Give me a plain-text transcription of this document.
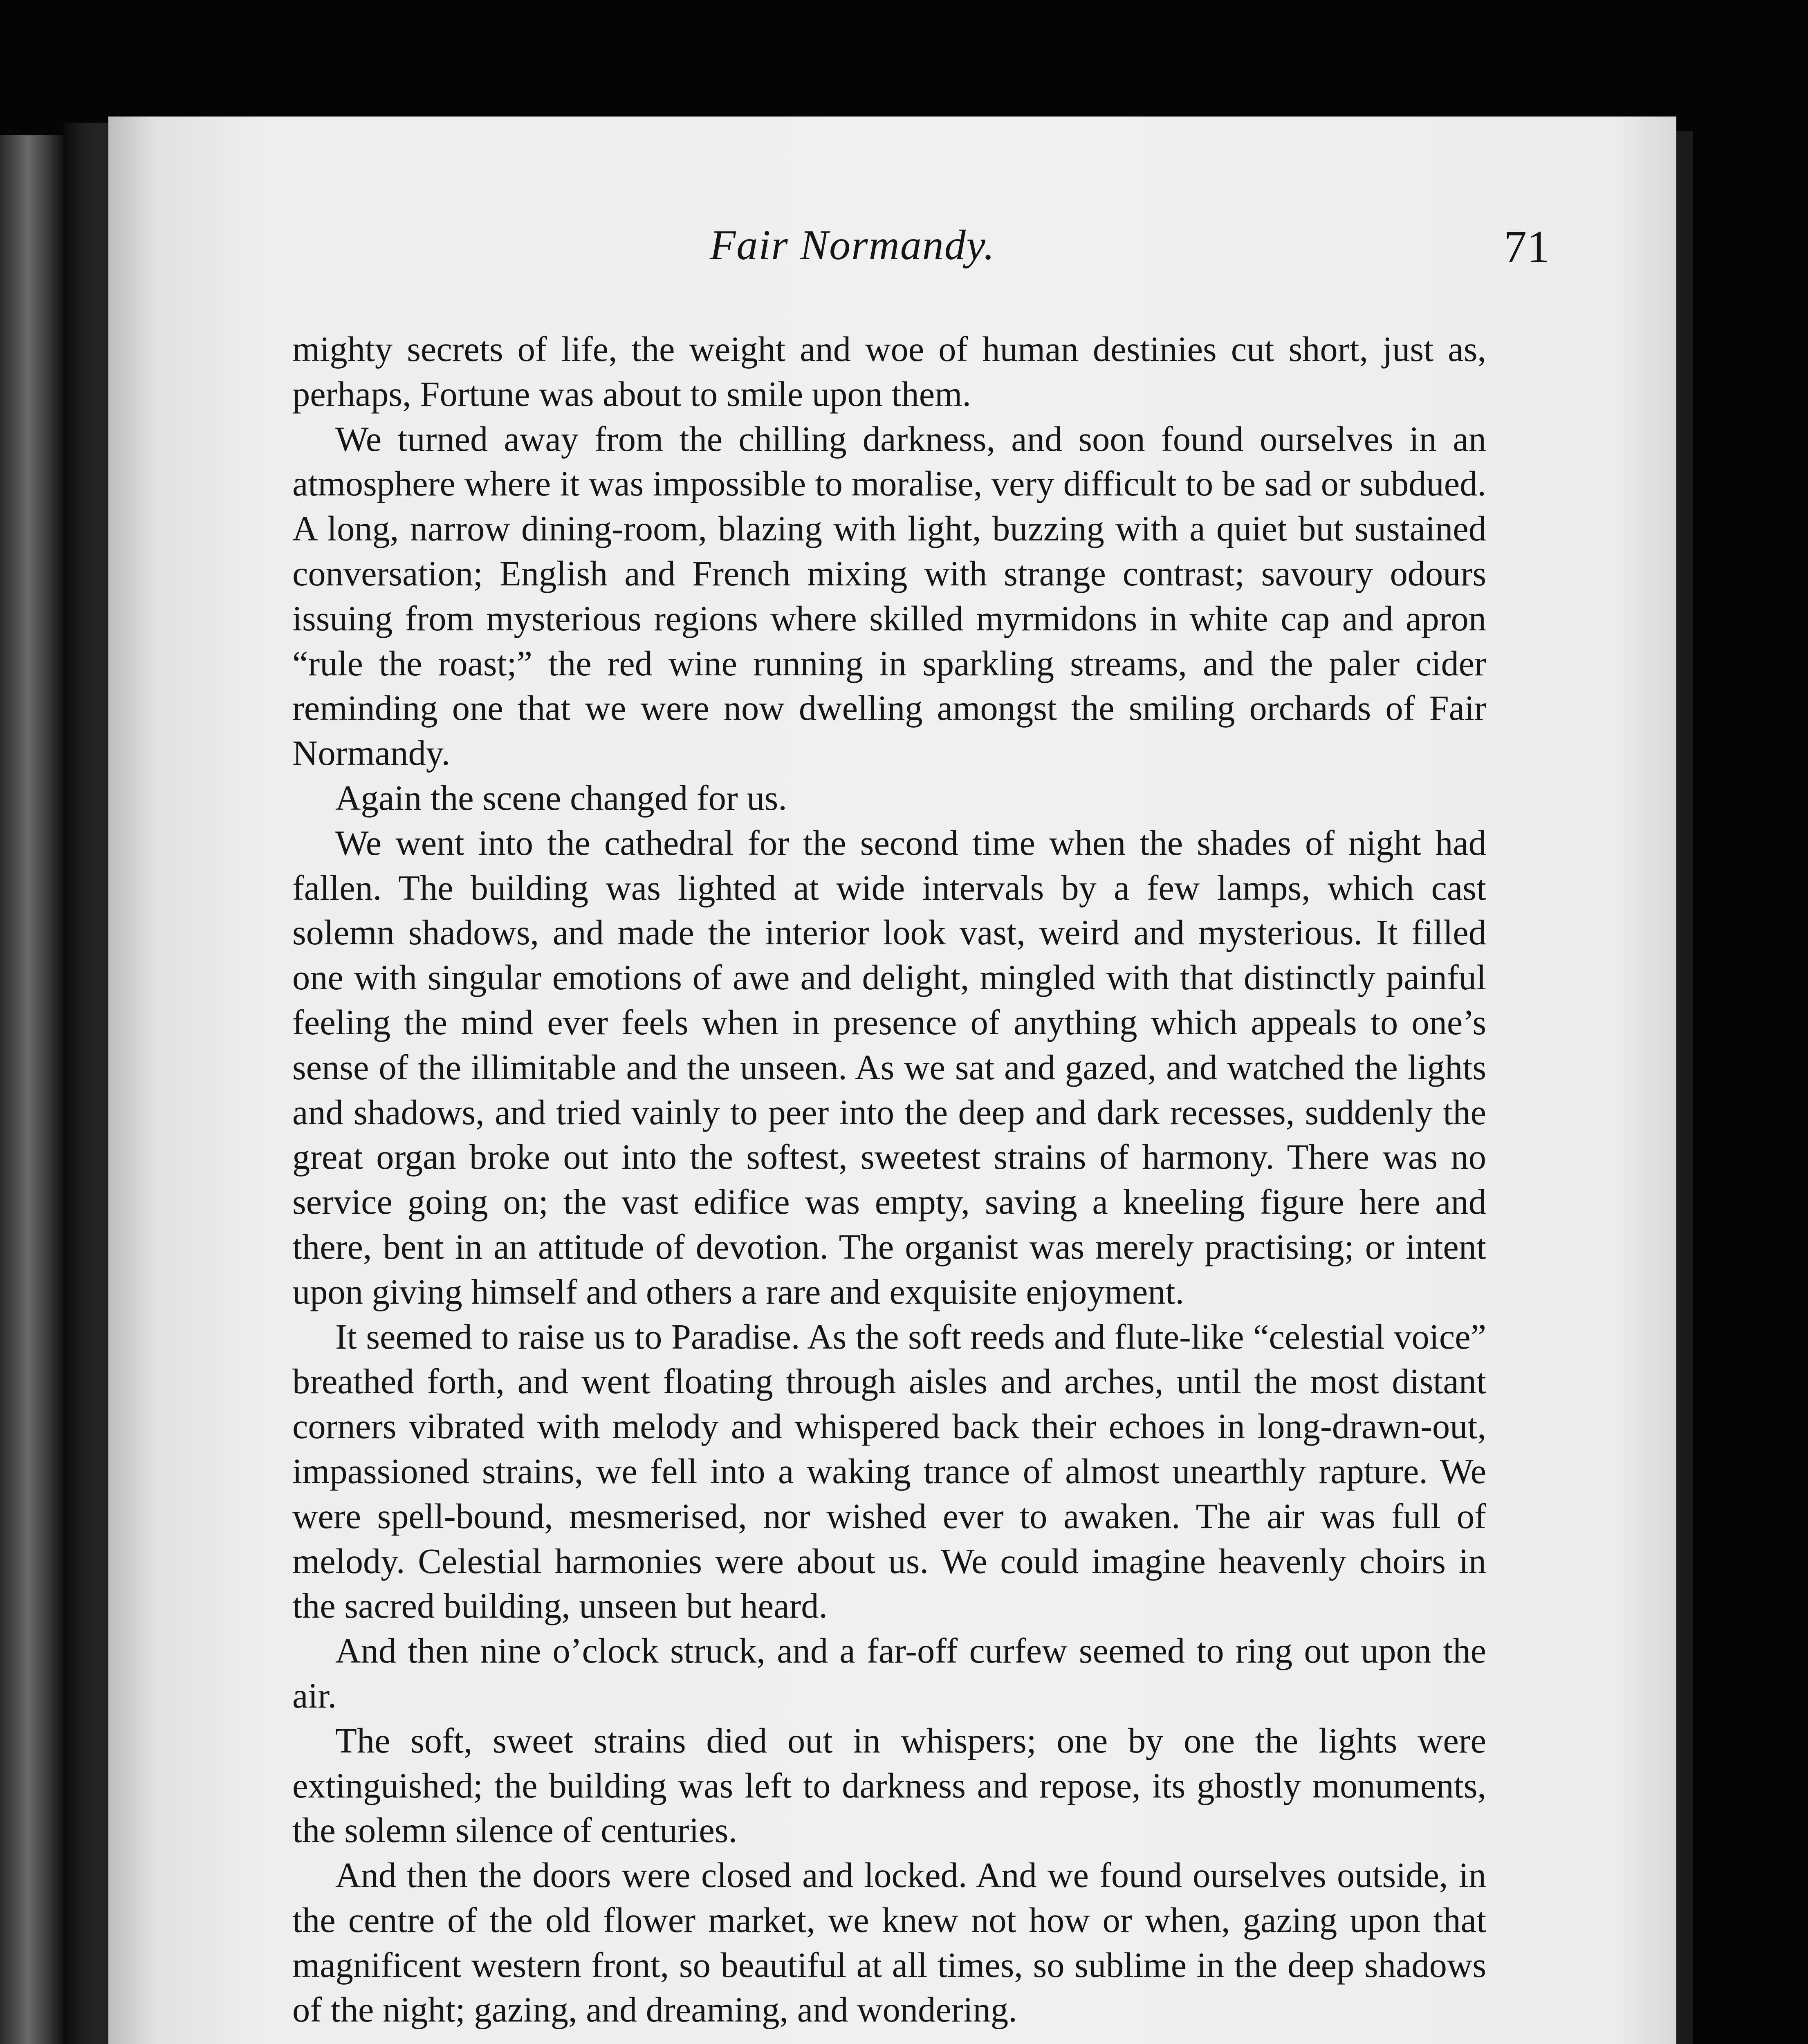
Fair Normandy.	71

mighty secrets of life, the weight and woe of human destinies cut short, just as, perhaps, Fortune was about to smile upon them.

We turned away from the chilling darkness, and soon found ourselves in an atmosphere where it was impossible to moralise, very difficult to be sad or subdued. A long, narrow dining-room, blazing with light, buzzing with a quiet but sustained conversation; English and French mixing with strange contrast; savoury odours issuing from mysterious regions where skilled myrmidons in white cap and apron “rule the roast;” the red wine running in sparkling streams, and the paler cider reminding one that we were now dwelling amongst the smiling orchards of Fair Normandy.

Again the scene changed for us.

We went into the cathedral for the second time when the shades of night had fallen. The building was lighted at wide intervals by a few lamps, which cast solemn shadows, and made the interior look vast, weird and mysterious. It filled one with singular emotions of awe and delight, mingled with that distinctly painful feeling the mind ever feels when in presence of anything which appeals to one’s sense of the illimitable and the unseen. As we sat and gazed, and watched the lights and shadows, and tried vainly to peer into the deep and dark recesses, suddenly the great organ broke out into the softest, sweetest strains of harmony. There was no service going on; the vast edifice was empty, saving a kneeling figure here and there, bent in an attitude of devotion. The organist was merely practising; or intent upon giving himself and others a rare and exquisite enjoyment.

It seemed to raise us to Paradise. As the soft reeds and flute-like “celestial voice” breathed forth, and went floating through aisles and arches, until the most distant corners vibrated with melody and whispered back their echoes in long-drawn-out, impassioned strains, we fell into a waking trance of almost unearthly rapture. We were spell-bound, mesmerised, nor wished ever to awaken. The air was full of melody. Celestial harmonies were about us. We could imagine heavenly choirs in the sacred building, unseen but heard.

And then nine o’clock struck, and a far-off curfew seemed to ring out upon the air.

The soft, sweet strains died out in whispers; one by one the lights were extinguished; the building was left to darkness and repose, its ghostly monuments, the solemn silence of centuries.

And then the doors were closed and locked. And we found ourselves outside, in the centre of the old flower market, we knew not how or when, gazing upon that magnificent western front, so beautiful at all times, so sublime in the deep shadows of the night; gazing, and dreaming, and wondering.
